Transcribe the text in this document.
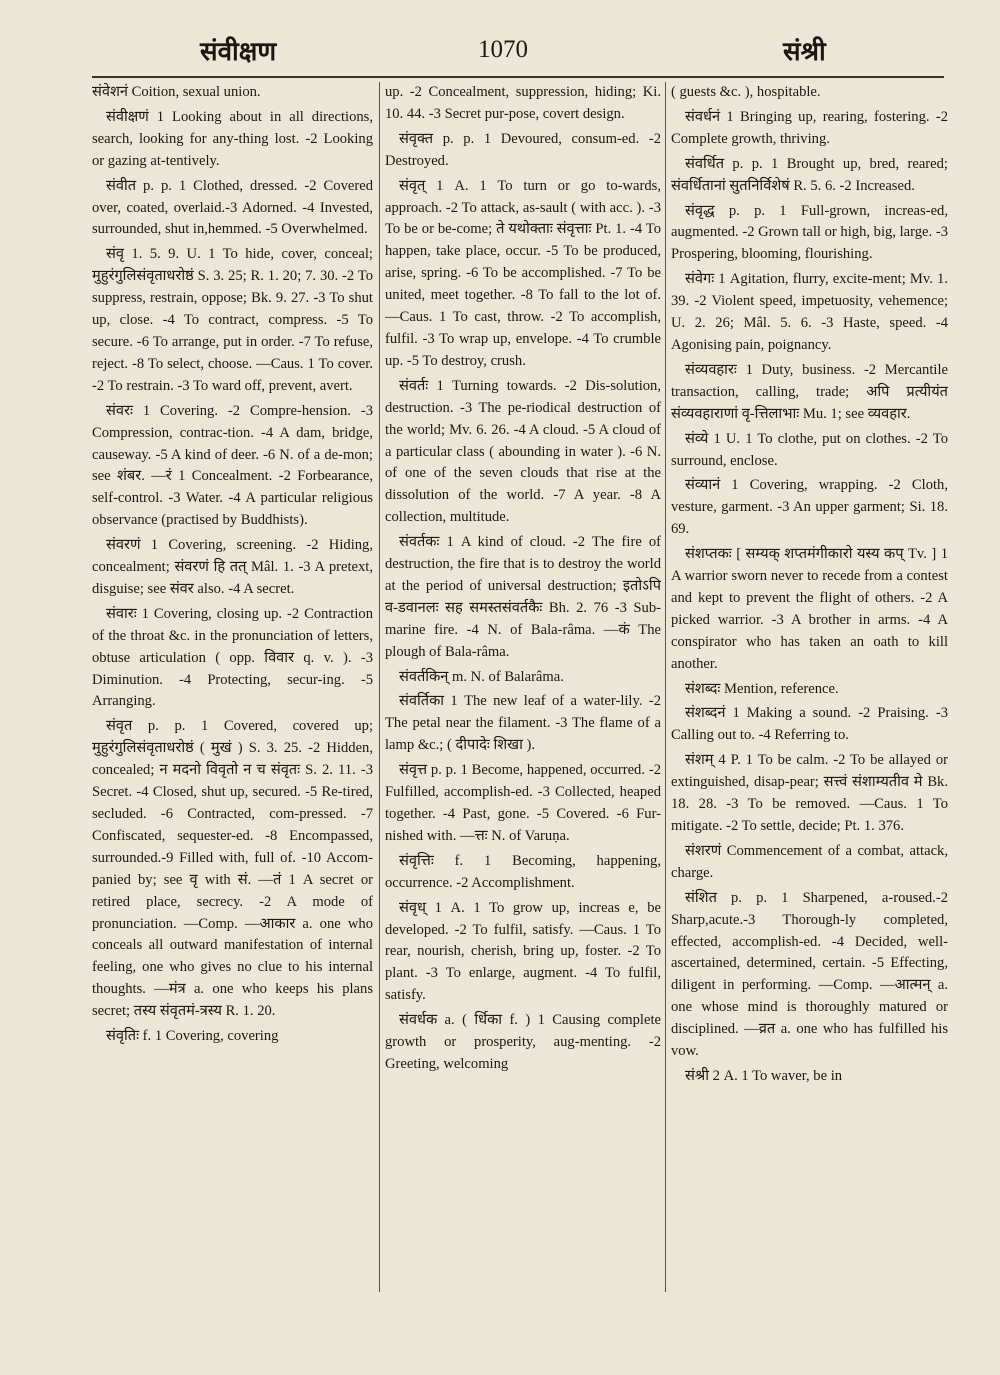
संवीक्षण	1070	संश्री

संवेशनं Coition, sexual union.

संवीक्षणं 1 Looking about in all directions, search, looking for any-thing lost. -2 Looking or gazing at-tentively.

संवीत p. p. 1 Clothed, dressed. -2 Covered over, coated, overlaid.-3 Adorned. -4 Invested, surrounded, shut in,hemmed. -5 Overwhelmed.

संवृ 1. 5. 9. U. 1 To hide, cover, conceal; मुहुरंगुलिसंवृताधरोष्ठं S. 3. 25; R. 1. 20; 7. 30. -2 To suppress, restrain, oppose; Bk. 9. 27. -3 To shut up, close. -4 To contract, compress. -5 To secure. -6 To arrange, put in order. -7 To refuse, reject. -8 To select, choose. —Caus. 1 To cover. -2 To restrain. -3 To ward off, prevent, avert.

संवरः 1 Covering. -2 Compre-hension. -3 Compression, contrac-tion. -4 A dam, bridge, causeway. -5 A kind of deer. -6 N. of a de-mon; see शंबर. —रं 1 Concealment. -2 Forbearance, self-control. -3 Water. -4 A particular religious observance (practised by Buddhists).

संवरणं 1 Covering, screening. -2 Hiding, concealment; संवरणं हि तत् Mâl. 1. -3 A pretext, disguise; see संवर also. -4 A secret.

संवारः 1 Covering, closing up. -2 Contraction of the throat &c. in the pronunciation of letters, obtuse articulation ( opp. विवार q. v. ). -3 Diminution. -4 Protecting, secur-ing. -5 Arranging.

संवृत p. p. 1 Covered, covered up; मुहुरंगुलिसंवृताधरोष्ठं ( मुखं ) S. 3. 25. -2 Hidden, concealed; न मदनो विवृतो न च संवृतः S. 2. 11. -3 Secret. -4 Closed, shut up, secured. -5 Re-tired, secluded. -6 Contracted, com-pressed. -7 Confiscated, sequester-ed. -8 Encompassed, surrounded.-9 Filled with, full of. -10 Accom-panied by; see वृ with सं. —तं 1 A secret or retired place, secrecy. -2 A mode of pronunciation. —Comp. —आकार a. one who conceals all outward manifestation of internal feeling, one who gives no clue to his internal thoughts. —मंत्र a. one who keeps his plans secret; तस्य संवृतमं-त्रस्य R. 1. 20.

संवृतिः f. 1 Covering, covering

up. -2 Concealment, suppression, hiding; Ki. 10. 44. -3 Secret pur-pose, covert design.

संवृक्त p. p. 1 Devoured, consum-ed. -2 Destroyed.

संवृत् 1 A. 1 To turn or go to-wards, approach. -2 To attack, as-sault ( with acc. ). -3 To be or be-come; ते यथोक्ताः संवृत्ताः Pt. 1. -4 To happen, take place, occur. -5 To be produced, arise, spring. -6 To be accomplished. -7 To be united, meet together. -8 To fall to the lot of. —Caus. 1 To cast, throw. -2 To accomplish, fulfil. -3 To wrap up, envelope. -4 To crumble up. -5 To destroy, crush.

संवर्तः 1 Turning towards. -2 Dis-solution, destruction. -3 The pe-riodical destruction of the world; Mv. 6. 26. -4 A cloud. -5 A cloud of a particular class ( abounding in water ). -6 N. of one of the seven clouds that rise at the dissolution of the world. -7 A year. -8 A collection, multitude.

संवर्तकः 1 A kind of cloud. -2 The fire of destruction, the fire that is to destroy the world at the period of universal destruction; इतोऽपि व-डवानलः सह समस्तसंवर्तकैः Bh. 2. 76 -3 Sub-marine fire. -4 N. of Bala-râma. —कं The plough of Bala-râma.

संवर्तकिन् m. N. of Balarâma.

संवर्तिका 1 The new leaf of a water-lily. -2 The petal near the filament. -3 The flame of a lamp &c.; ( दीपादेः शिखा ).

संवृत्त p. p. 1 Become, happened, occurred. -2 Fulfilled, accomplish-ed. -3 Collected, heaped together. -4 Past, gone. -5 Covered. -6 Fur-nished with. —त्तः N. of Varuṇa.

संवृत्तिः f. 1 Becoming, happening, occurrence. -2 Accomplishment.

संवृध् 1 A. 1 To grow up, increas e, be developed. -2 To fulfil, satisfy. —Caus. 1 To rear, nourish, cherish, bring up, foster. -2 To plant. -3 To enlarge, augment. -4 To fulfil, satisfy.

संवर्धक a. ( र्धिका f. ) 1 Causing complete growth or prosperity, aug-menting. -2 Greeting, welcoming

( guests &c. ), hospitable.

संवर्धनं 1 Bringing up, rearing, fostering. -2 Complete growth, thriving.

संवर्धित p. p. 1 Brought up, bred, reared; संवर्धितानां सुतनिर्विशेषं R. 5. 6. -2 Increased.

संवृद्ध p. p. 1 Full-grown, increas-ed, augmented. -2 Grown tall or high, big, large. -3 Prospering, blooming, flourishing.

संवेगः 1 Agitation, flurry, excite-ment; Mv. 1. 39. -2 Violent speed, impetuosity, vehemence; U. 2. 26; Mâl. 5. 6. -3 Haste, speed. -4 Agonising pain, poignancy.

संव्यवहारः 1 Duty, business. -2 Mercantile transaction, calling, trade; अपि प्रत्यीयंत संव्यवहाराणां वृ-त्तिलाभाः Mu. 1; see व्यवहार.

संव्ये 1 U. 1 To clothe, put on clothes. -2 To surround, enclose.

संव्यानं 1 Covering, wrapping. -2 Cloth, vesture, garment. -3 An upper garment; Si. 18. 69.

संशप्तकः [ सम्यक् शप्तमंगीकारो यस्य कप् Tv. ] 1 A warrior sworn never to recede from a contest and kept to prevent the flight of others. -2 A picked warrior. -3 A brother in arms. -4 A conspirator who has taken an oath to kill another.

संशब्दः Mention, reference.

संशब्दनं 1 Making a sound. -2 Praising. -3 Calling out to. -4 Referring to.

संशम् 4 P. 1 To be calm. -2 To be allayed or extinguished, disap-pear; सत्त्वं संशाम्यतीव मे Bk. 18. 28. -3 To be removed. —Caus. 1 To mitigate. -2 To settle, decide; Pt. 1. 376.

संशरणं Commencement of a combat, attack, charge.

संशित p. p. 1 Sharpened, a-roused.-2 Sharp,acute.-3 Thorough-ly completed, effected, accomplish-ed. -4 Decided, well-ascertained, determined, certain. -5 Effecting, diligent in performing. —Comp. —आत्मन् a. one whose mind is thoroughly matured or disciplined. —व्रत a. one who has fulfilled his vow.

संश्री 2 A. 1 To waver, be in
